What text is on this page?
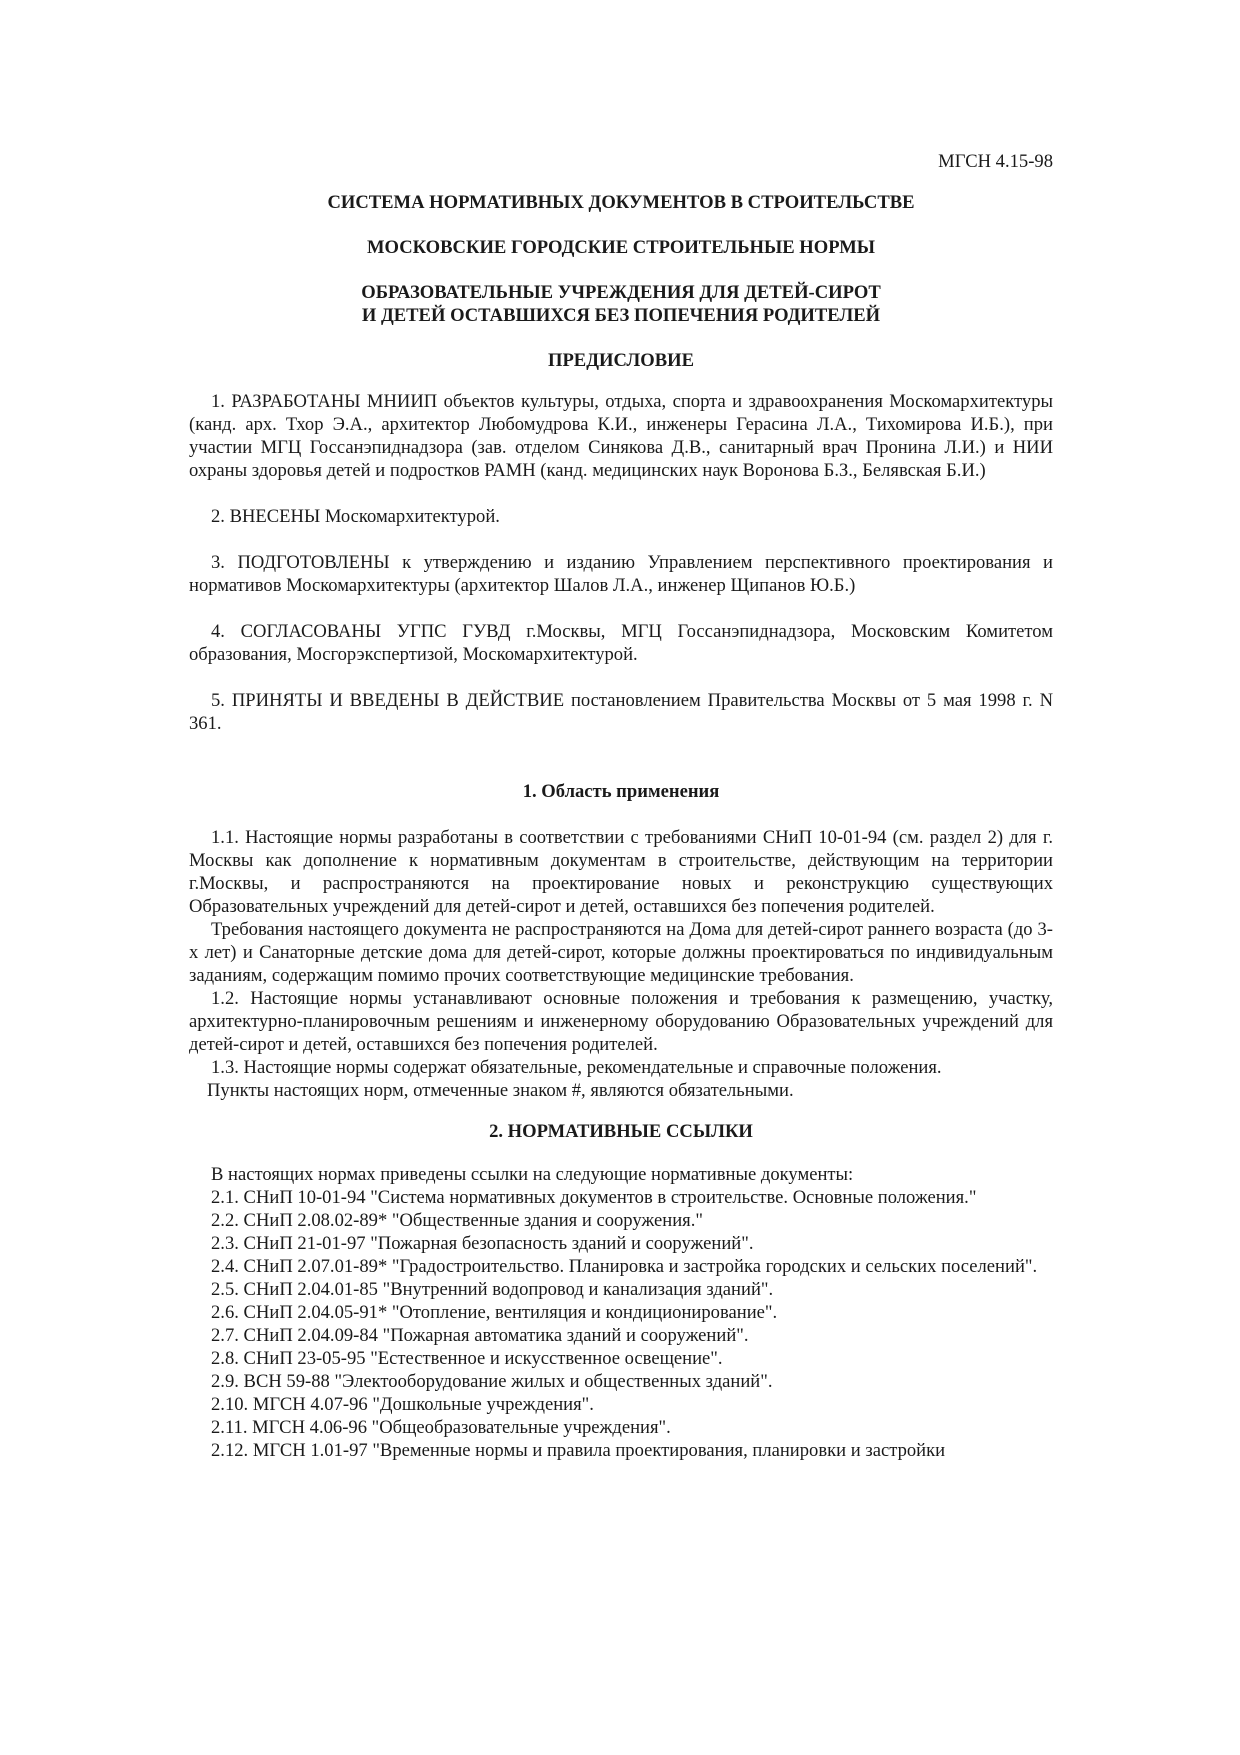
МГСН 4.15-98

СИСТЕМА НОРМАТИВНЫХ ДОКУМЕНТОВ В СТРОИТЕЛЬСТВЕ

МОСКОВСКИЕ ГОРОДСКИЕ СТРОИТЕЛЬНЫЕ НОРМЫ

ОБРАЗОВАТЕЛЬНЫЕ УЧРЕЖДЕНИЯ ДЛЯ ДЕТЕЙ-СИРОТ

И ДЕТЕЙ ОСТАВШИХСЯ БЕЗ ПОПЕЧЕНИЯ РОДИТЕЛЕЙ

ПРЕДИСЛОВИЕ

1. РАЗРАБОТАНЫ МНИИП объектов культуры, отдыха, спорта и здравоохранения Москомархитектуры (канд. арх. Тхор Э.А., архитектор Любомудрова К.И., инженеры Герасина Л.А., Тихомирова И.Б.), при участии МГЦ Госсанэпиднадзора (зав. отделом Синякова Д.В., санитарный врач Пронина Л.И.) и НИИ охраны здоровья детей и подростков РАМН (канд. медицинских наук Воронова Б.З., Белявская Б.И.)

2. ВНЕСЕНЫ Москомархитектурой.

3. ПОДГОТОВЛЕНЫ к утверждению и изданию Управлением перспективного проектирования и нормативов Москомархитектуры (архитектор Шалов Л.А., инженер Щипанов Ю.Б.)

4. СОГЛАСОВАНЫ УГПС ГУВД г.Москвы, МГЦ Госсанэпиднадзора, Московским Комитетом образования, Мосгорэкспертизой, Москомархитектурой.

5. ПРИНЯТЫ И ВВЕДЕНЫ В ДЕЙСТВИЕ постановлением Правительства Москвы от 5 мая 1998 г. N 361.

1. Область применения

1.1. Настоящие нормы разработаны в соответствии с требованиями СНиП 10-01-94 (см. раздел 2) для г. Москвы как дополнение к нормативным документам в строительстве, действующим на территории г.Москвы, и распространяются на проектирование новых и реконструкцию существующих Образовательных учреждений для детей-сирот и детей, оставшихся без попечения родителей.

Требования настоящего документа не распространяются на Дома для детей-сирот раннего возраста (до 3-х лет) и Санаторные детские дома для детей-сирот, которые должны проектироваться по индивидуальным заданиям, содержащим помимо прочих соответствующие медицинские требования.

1.2. Настоящие нормы устанавливают основные положения и требования к размещению, участку, архитектурно-планировочным решениям и инженерному оборудованию Образовательных учреждений для детей-сирот и детей, оставшихся без попечения родителей.

1.3. Настоящие нормы содержат обязательные, рекомендательные и справочные положения.

Пункты настоящих норм, отмеченные знаком #, являются обязательными.

2. НОРМАТИВНЫЕ ССЫЛКИ

В настоящих нормах приведены ссылки на следующие нормативные документы:

2.1. СНиП 10-01-94 "Система нормативных документов в строительстве. Основные положения."

2.2. СНиП 2.08.02-89* "Общественные здания и сооружения."

2.3. СНиП 21-01-97 "Пожарная безопасность зданий и сооружений".

2.4. СНиП 2.07.01-89* "Градостроительство. Планировка и застройка городских и сельских поселений".

2.5. СНиП 2.04.01-85 "Внутренний водопровод и канализация зданий".

2.6. СНиП 2.04.05-91* "Отопление, вентиляция и кондиционирование".

2.7. СНиП 2.04.09-84 "Пожарная автоматика зданий и сооружений".

2.8. СНиП 23-05-95 "Естественное и искусственное освещение".

2.9. ВСН 59-88 "Электооборудование жилых и общественных зданий".

2.10. МГСН 4.07-96 "Дошкольные учреждения".

2.11. МГСН 4.06-96 "Общеобразовательные учреждения".

2.12. МГСН 1.01-97 "Временные нормы и правила проектирования, планировки и застройки
